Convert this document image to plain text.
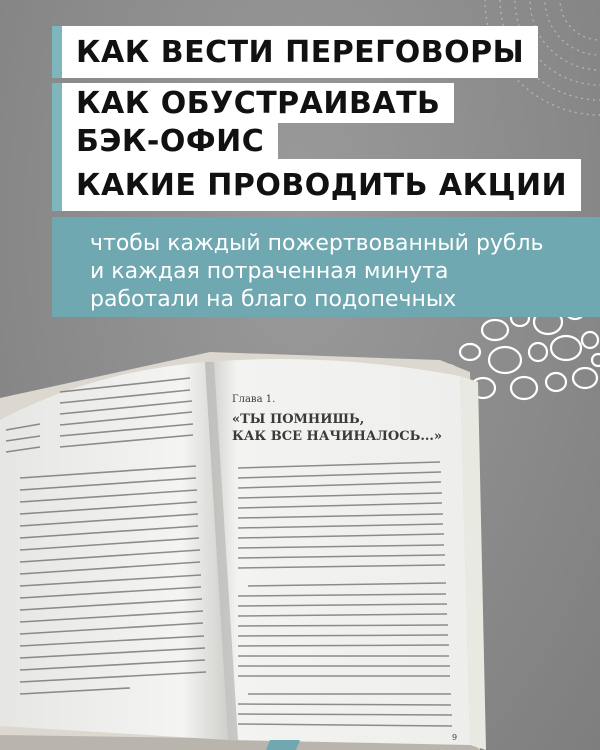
КАК ВЕСТИ ПЕРЕГОВОРЫ
КАК ОБУСТРАИВАТЬ
БЭК-ОФИС
КАКИЕ ПРОВОДИТЬ АКЦИИ
чтобы каждый пожертвованный рубль
и каждая потраченная минута
работали на благо подопечных
Глава 1.
«ТЫ ПОМНИШЬ,
КАК ВСЕ НАЧИНАЛОСЬ...»
9
